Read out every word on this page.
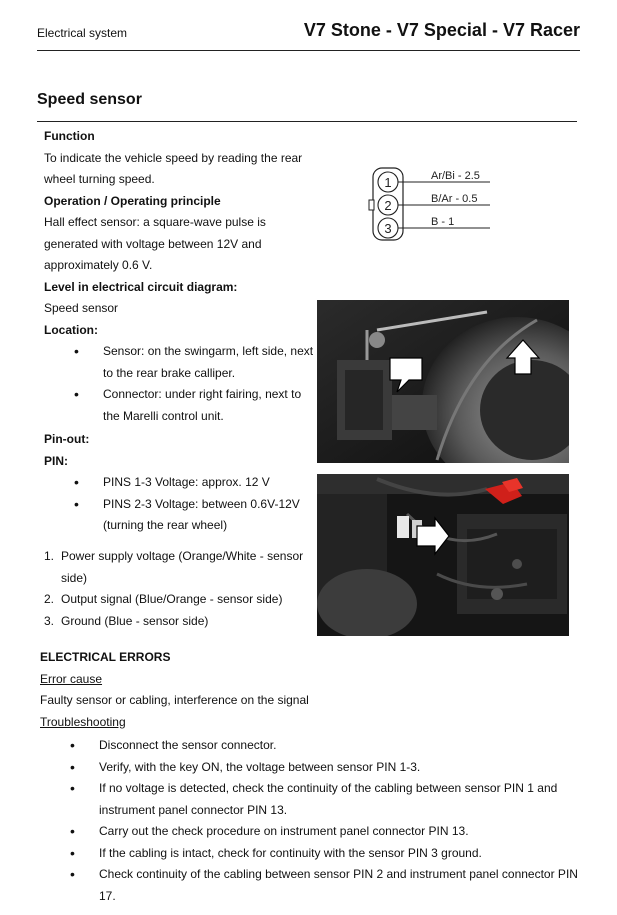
Electrical system	V7 Stone - V7 Special - V7 Racer
Speed sensor

Function

To indicate the vehicle speed by reading the rear wheel turning speed.

Operation / Operating principle

Hall effect sensor: a square-wave pulse is generated with voltage between 12V and approximately 0.6 V.

Level in electrical circuit diagram:

Speed sensor

Location:

• Sensor: on the swingarm, left side, next to the rear brake calliper.

• Connector: under right fairing, next to the Marelli control unit.

Pin-out:

PIN:

• PINS 1-3 Voltage: approx. 12 V

• PINS 2-3 Voltage: between 0.6V-12V (turning the rear wheel)

1. Power supply voltage (Orange/White - sensor side)
2. Output signal (Blue/Orange - sensor side)
3. Ground (Blue - sensor side)
1
2
3
Ar/Bi - 2.5
B/Ar - 0.5
B - 1

ELECTRICAL ERRORS

Error cause

Faulty sensor or cabling, interference on the signal

Troubleshooting

• Disconnect the sensor connector.

• Verify, with the key ON, the voltage between sensor PIN 1-3.

• If no voltage is detected, check the continuity of the cabling between sensor PIN 1 and instrument panel connector PIN 13.

• Carry out the check procedure on instrument panel connector PIN 13.

• If the cabling is intact, check for continuity with the sensor PIN 3 ground.

• Check continuity of the cabling between sensor PIN 2 and instrument panel connector PIN 17.
